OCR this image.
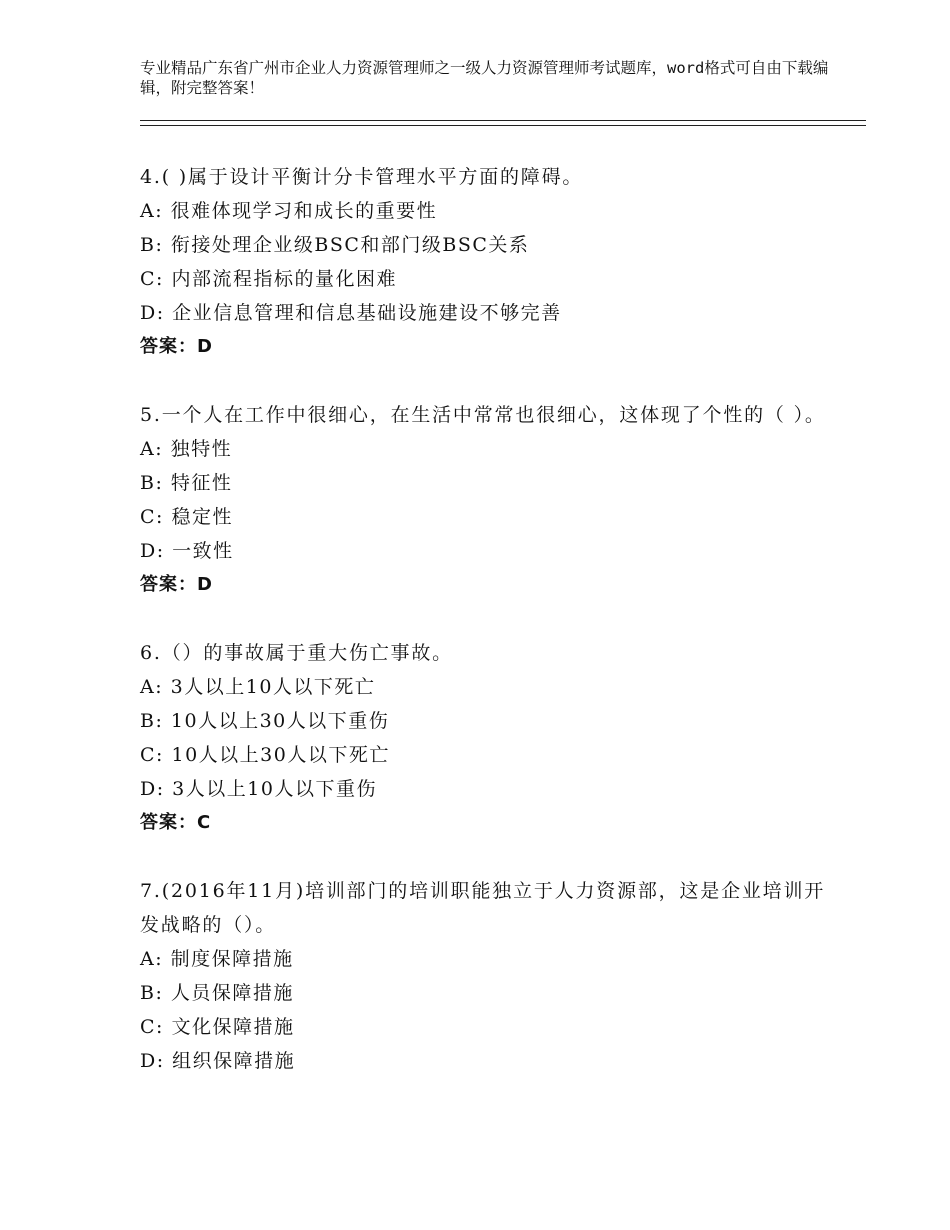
专业精品广东省广州市企业人力资源管理师之一级人力资源管理师考试题库，word格式可自由下载编辑，附完整答案！
4.( )属于设计平衡计分卡管理水平方面的障碍。
A: 很难体现学习和成长的重要性
B: 衔接处理企业级BSC和部门级BSC关系
C: 内部流程指标的量化困难
D: 企业信息管理和信息基础设施建设不够完善
答案：D
5.一个人在工作中很细心，在生活中常常也很细心，这体现了个性的（ ）。
A: 独特性
B: 特征性
C: 稳定性
D: 一致性
答案：D
6.（）的事故属于重大伤亡事故。
A: 3人以上10人以下死亡
B: 10人以上30人以下重伤
C: 10人以上30人以下死亡
D: 3人以上10人以下重伤
答案：C
7.(2016年11月)培训部门的培训职能独立于人力资源部，这是企业培训开发战略的（）。
A: 制度保障措施
B: 人员保障措施
C: 文化保障措施
D: 组织保障措施
